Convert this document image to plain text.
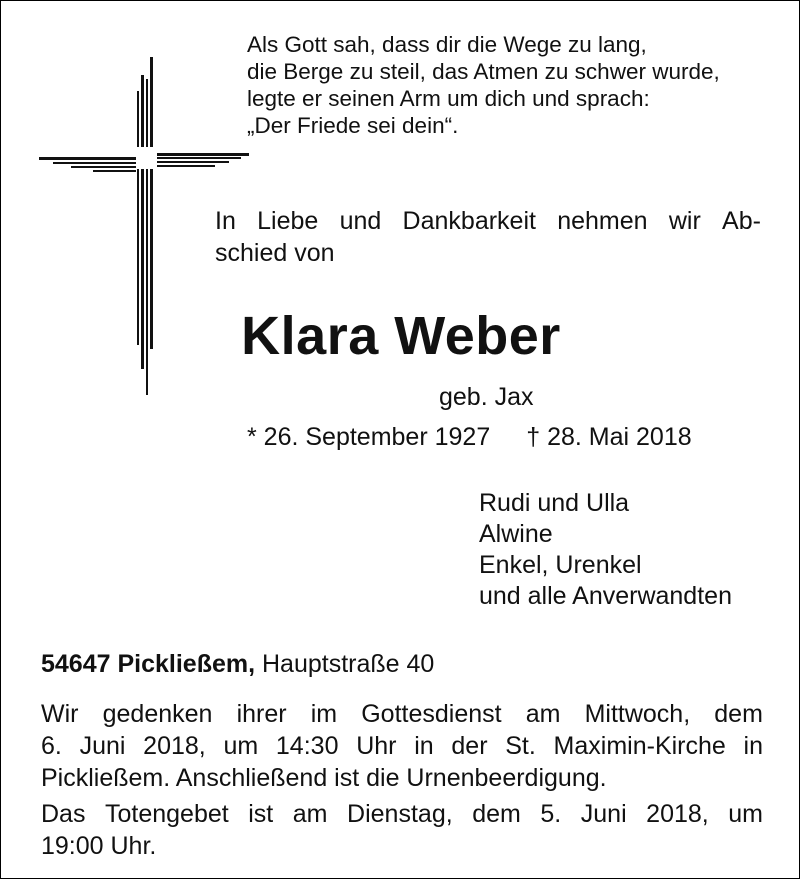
Als Gott sah, dass dir die Wege zu lang,
die Berge zu steil, das Atmen zu schwer wurde,
legte er seinen Arm um dich und sprach:
„Der Friede sei dein“.
In Liebe und Dankbarkeit nehmen wir Ab-
schied von
Klara Weber
geb. Jax
* 26. September 1927 † 28. Mai 2018
Rudi und Ulla
Alwine
Enkel, Urenkel
und alle Anverwandten
54647 Pickließem, Hauptstraße 40
Wir gedenken ihrer im Gottesdienst am Mittwoch, dem
6. Juni 2018, um 14:30 Uhr in der St. Maximin-Kirche in
Pickließem. Anschließend ist die Urnenbeerdigung.
Das Totengebet ist am Dienstag, dem 5. Juni 2018, um
19:00 Uhr.
